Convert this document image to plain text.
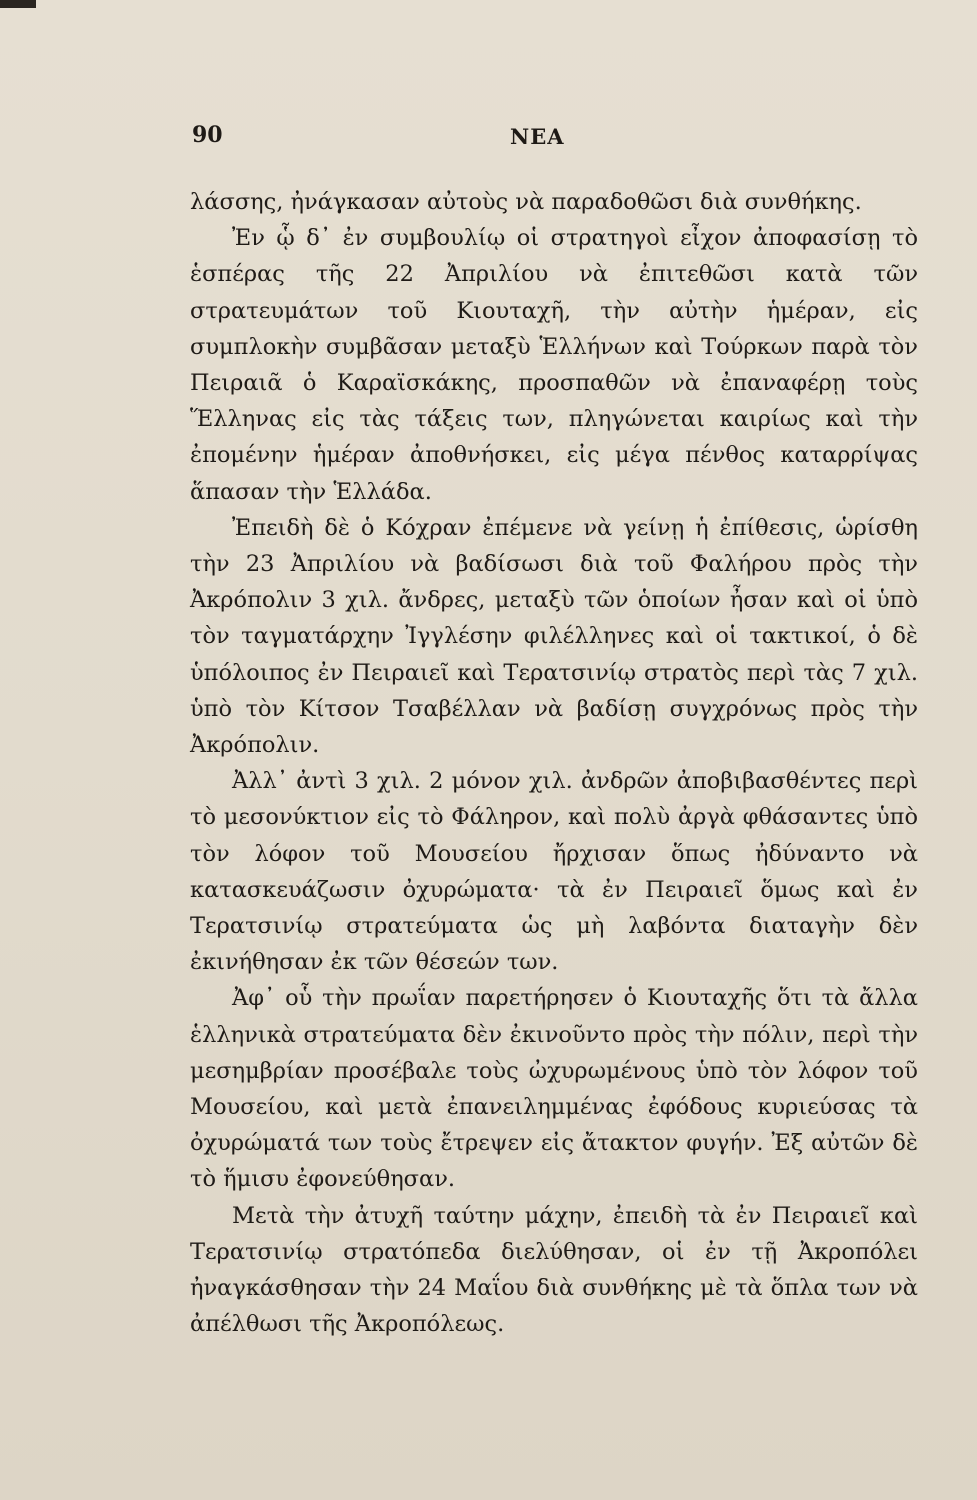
90	ΝΕΑ

λάσσης, ἠνάγκασαν αὐτοὺς νὰ παραδοθῶσι διὰ συνθήκης.

Ἐν ᾧ δ᾽ ἐν συμβουλίῳ οἱ στρατηγοὶ εἶχον ἀποφασίσῃ τὸ ἑσπέρας τῆς 22 Ἀπριλίου νὰ ἐπιτεθῶσι κατὰ τῶν στρατευμάτων τοῦ Κιουταχῆ, τὴν αὐτὴν ἡμέραν, εἰς συμπλοκὴν συμβᾶσαν μεταξὺ Ἑλλήνων καὶ Τούρκων παρὰ τὸν Πειραιᾶ ὁ Καραϊσκάκης, προσπαθῶν νὰ ἐπαναφέρῃ τοὺς Ἕλληνας εἰς τὰς τάξεις των, πληγώνεται καιρίως καὶ τὴν ἐπομένην ἡμέραν ἀποθνήσκει, εἰς μέγα πένθος καταρρίψας ἅπασαν τὴν Ἑλλάδα.

Ἐπειδὴ δὲ ὁ Κόχραν ἐπέμενε νὰ γείνῃ ἡ ἐπίθεσις, ὡρίσθη τὴν 23 Ἀπριλίου νὰ βαδίσωσι διὰ τοῦ Φαλήρου πρὸς τὴν Ἀκρόπολιν 3 χιλ. ἄνδρες, μεταξὺ τῶν ὁποίων ἦσαν καὶ οἱ ὑπὸ τὸν ταγματάρχην Ἰγγλέσην φιλέλληνες καὶ οἱ τακτικοί, ὁ δὲ ὑπόλοιπος ἐν Πειραιεῖ καὶ Τερατσινίῳ στρατὸς περὶ τὰς 7 χιλ. ὑπὸ τὸν Κίτσον Τσαβέλλαν νὰ βαδίσῃ συγχρόνως πρὸς τὴν Ἀκρόπολιν.

Ἀλλ᾽ ἀντὶ 3 χιλ. 2 μόνον χιλ. ἀνδρῶν ἀποβιβασθέντες περὶ τὸ μεσονύκτιον εἰς τὸ Φάληρον, καὶ πολὺ ἀργὰ φθάσαντες ὑπὸ τὸν λόφον τοῦ Μουσείου ἤρχισαν ὅπως ἠδύναντο νὰ κατασκευάζωσιν ὀχυρώματα· τὰ ἐν Πειραιεῖ ὅμως καὶ ἐν Τερατσινίῳ στρατεύματα ὡς μὴ λαβόντα διαταγὴν δὲν ἐκινήθησαν ἐκ τῶν θέσεών των.

Ἀφ᾽ οὗ τὴν πρωΐαν παρετήρησεν ὁ Κιουταχῆς ὅτι τὰ ἄλλα ἑλληνικὰ στρατεύματα δὲν ἐκινοῦντο πρὸς τὴν πόλιν, περὶ τὴν μεσημβρίαν προσέβαλε τοὺς ὠχυρωμένους ὑπὸ τὸν λόφον τοῦ Μουσείου, καὶ μετὰ ἐπανειλημμένας ἐφόδους κυριεύσας τὰ ὀχυρώματά των τοὺς ἔτρεψεν εἰς ἄτακτον φυγήν. Ἐξ αὐτῶν δὲ τὸ ἥμισυ ἐφονεύθησαν.

Μετὰ τὴν ἀτυχῆ ταύτην μάχην, ἐπειδὴ τὰ ἐν Πειραιεῖ καὶ Τερατσινίῳ στρατόπεδα διελύθησαν, οἱ ἐν τῇ Ἀκροπόλει ἠναγκάσθησαν τὴν 24 Μαΐου διὰ συνθήκης μὲ τὰ ὅπλα των νὰ ἀπέλθωσι τῆς Ἀκροπόλεως.
